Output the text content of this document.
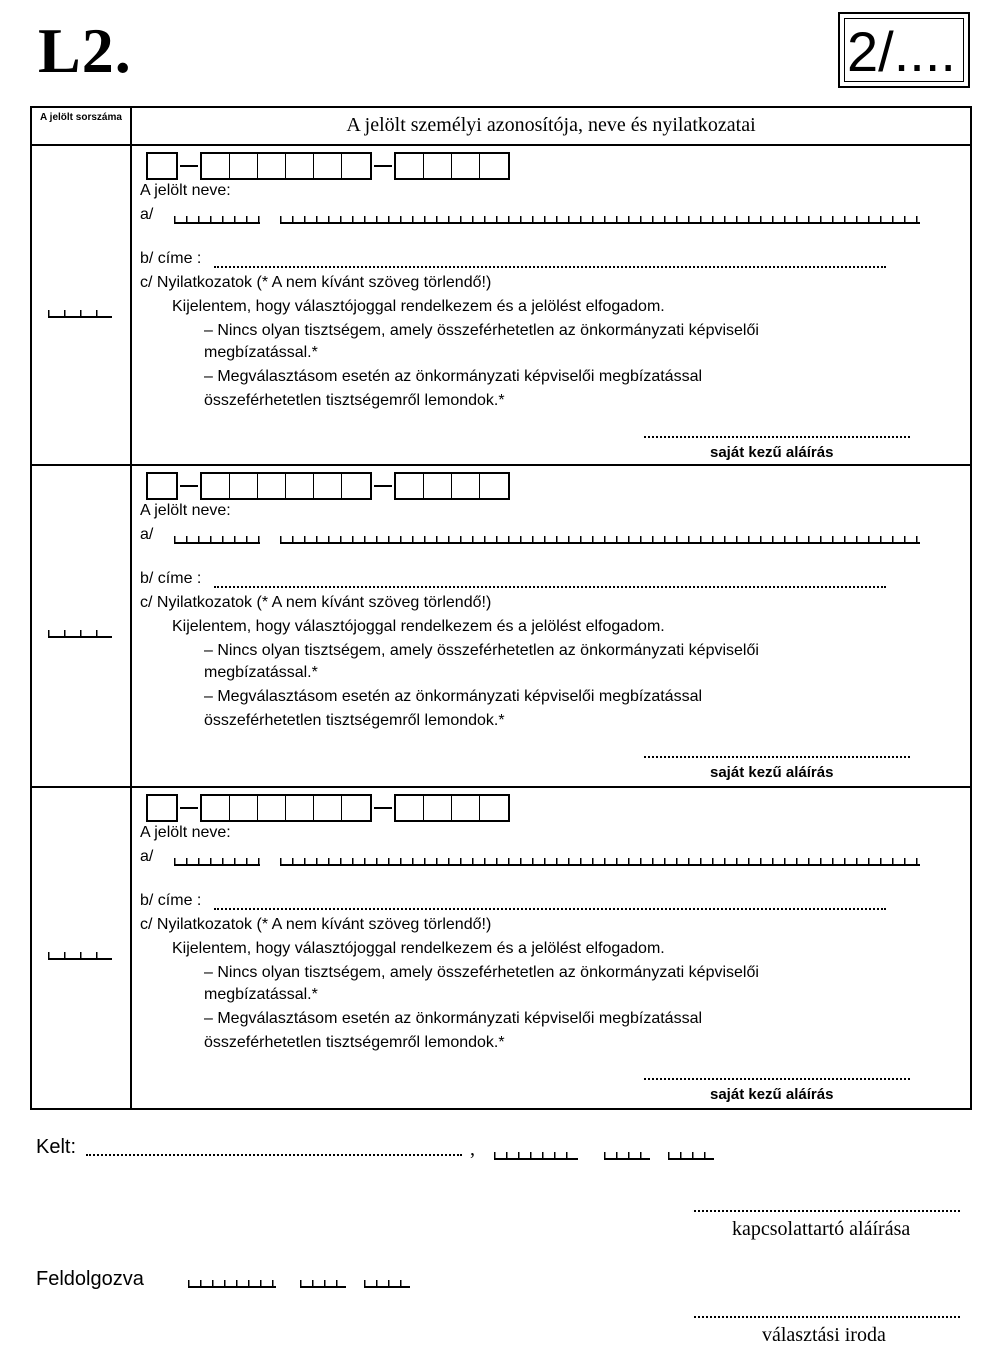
L2.	2/....
A jelölt sorszáma	A jelölt személyi azonosítója, neve és nyilatkozatai
A jelölt neve:
a/
b/ címe :
c/ Nyilatkozatok (* A nem kívánt szöveg törlendő!)
Kijelentem, hogy választójoggal rendelkezem és a jelölést elfogadom.
– Nincs olyan tisztségem, amely összeférhetetlen az önkormányzati képviselői
megbízatással.*
– Megválasztásom esetén az önkormányzati képviselői megbízatással
összeférhetetlen tisztségemről lemondok.*
saját kezű aláírás
A jelölt neve:
a/
b/ címe :
c/ Nyilatkozatok (* A nem kívánt szöveg törlendő!)
Kijelentem, hogy választójoggal rendelkezem és a jelölést elfogadom.
– Nincs olyan tisztségem, amely összeférhetetlen az önkormányzati képviselői
megbízatással.*
– Megválasztásom esetén az önkormányzati képviselői megbízatással
összeférhetetlen tisztségemről lemondok.*
saját kezű aláírás
A jelölt neve:
a/
b/ címe :
c/ Nyilatkozatok (* A nem kívánt szöveg törlendő!)
Kijelentem, hogy választójoggal rendelkezem és a jelölést elfogadom.
– Nincs olyan tisztségem, amely összeférhetetlen az önkormányzati képviselői
megbízatással.*
– Megválasztásom esetén az önkormányzati képviselői megbízatással
összeférhetetlen tisztségemről lemondok.*
saját kezű aláírás
Kelt:	,
kapcsolattartó aláírása
Feldolgozva
választási iroda
